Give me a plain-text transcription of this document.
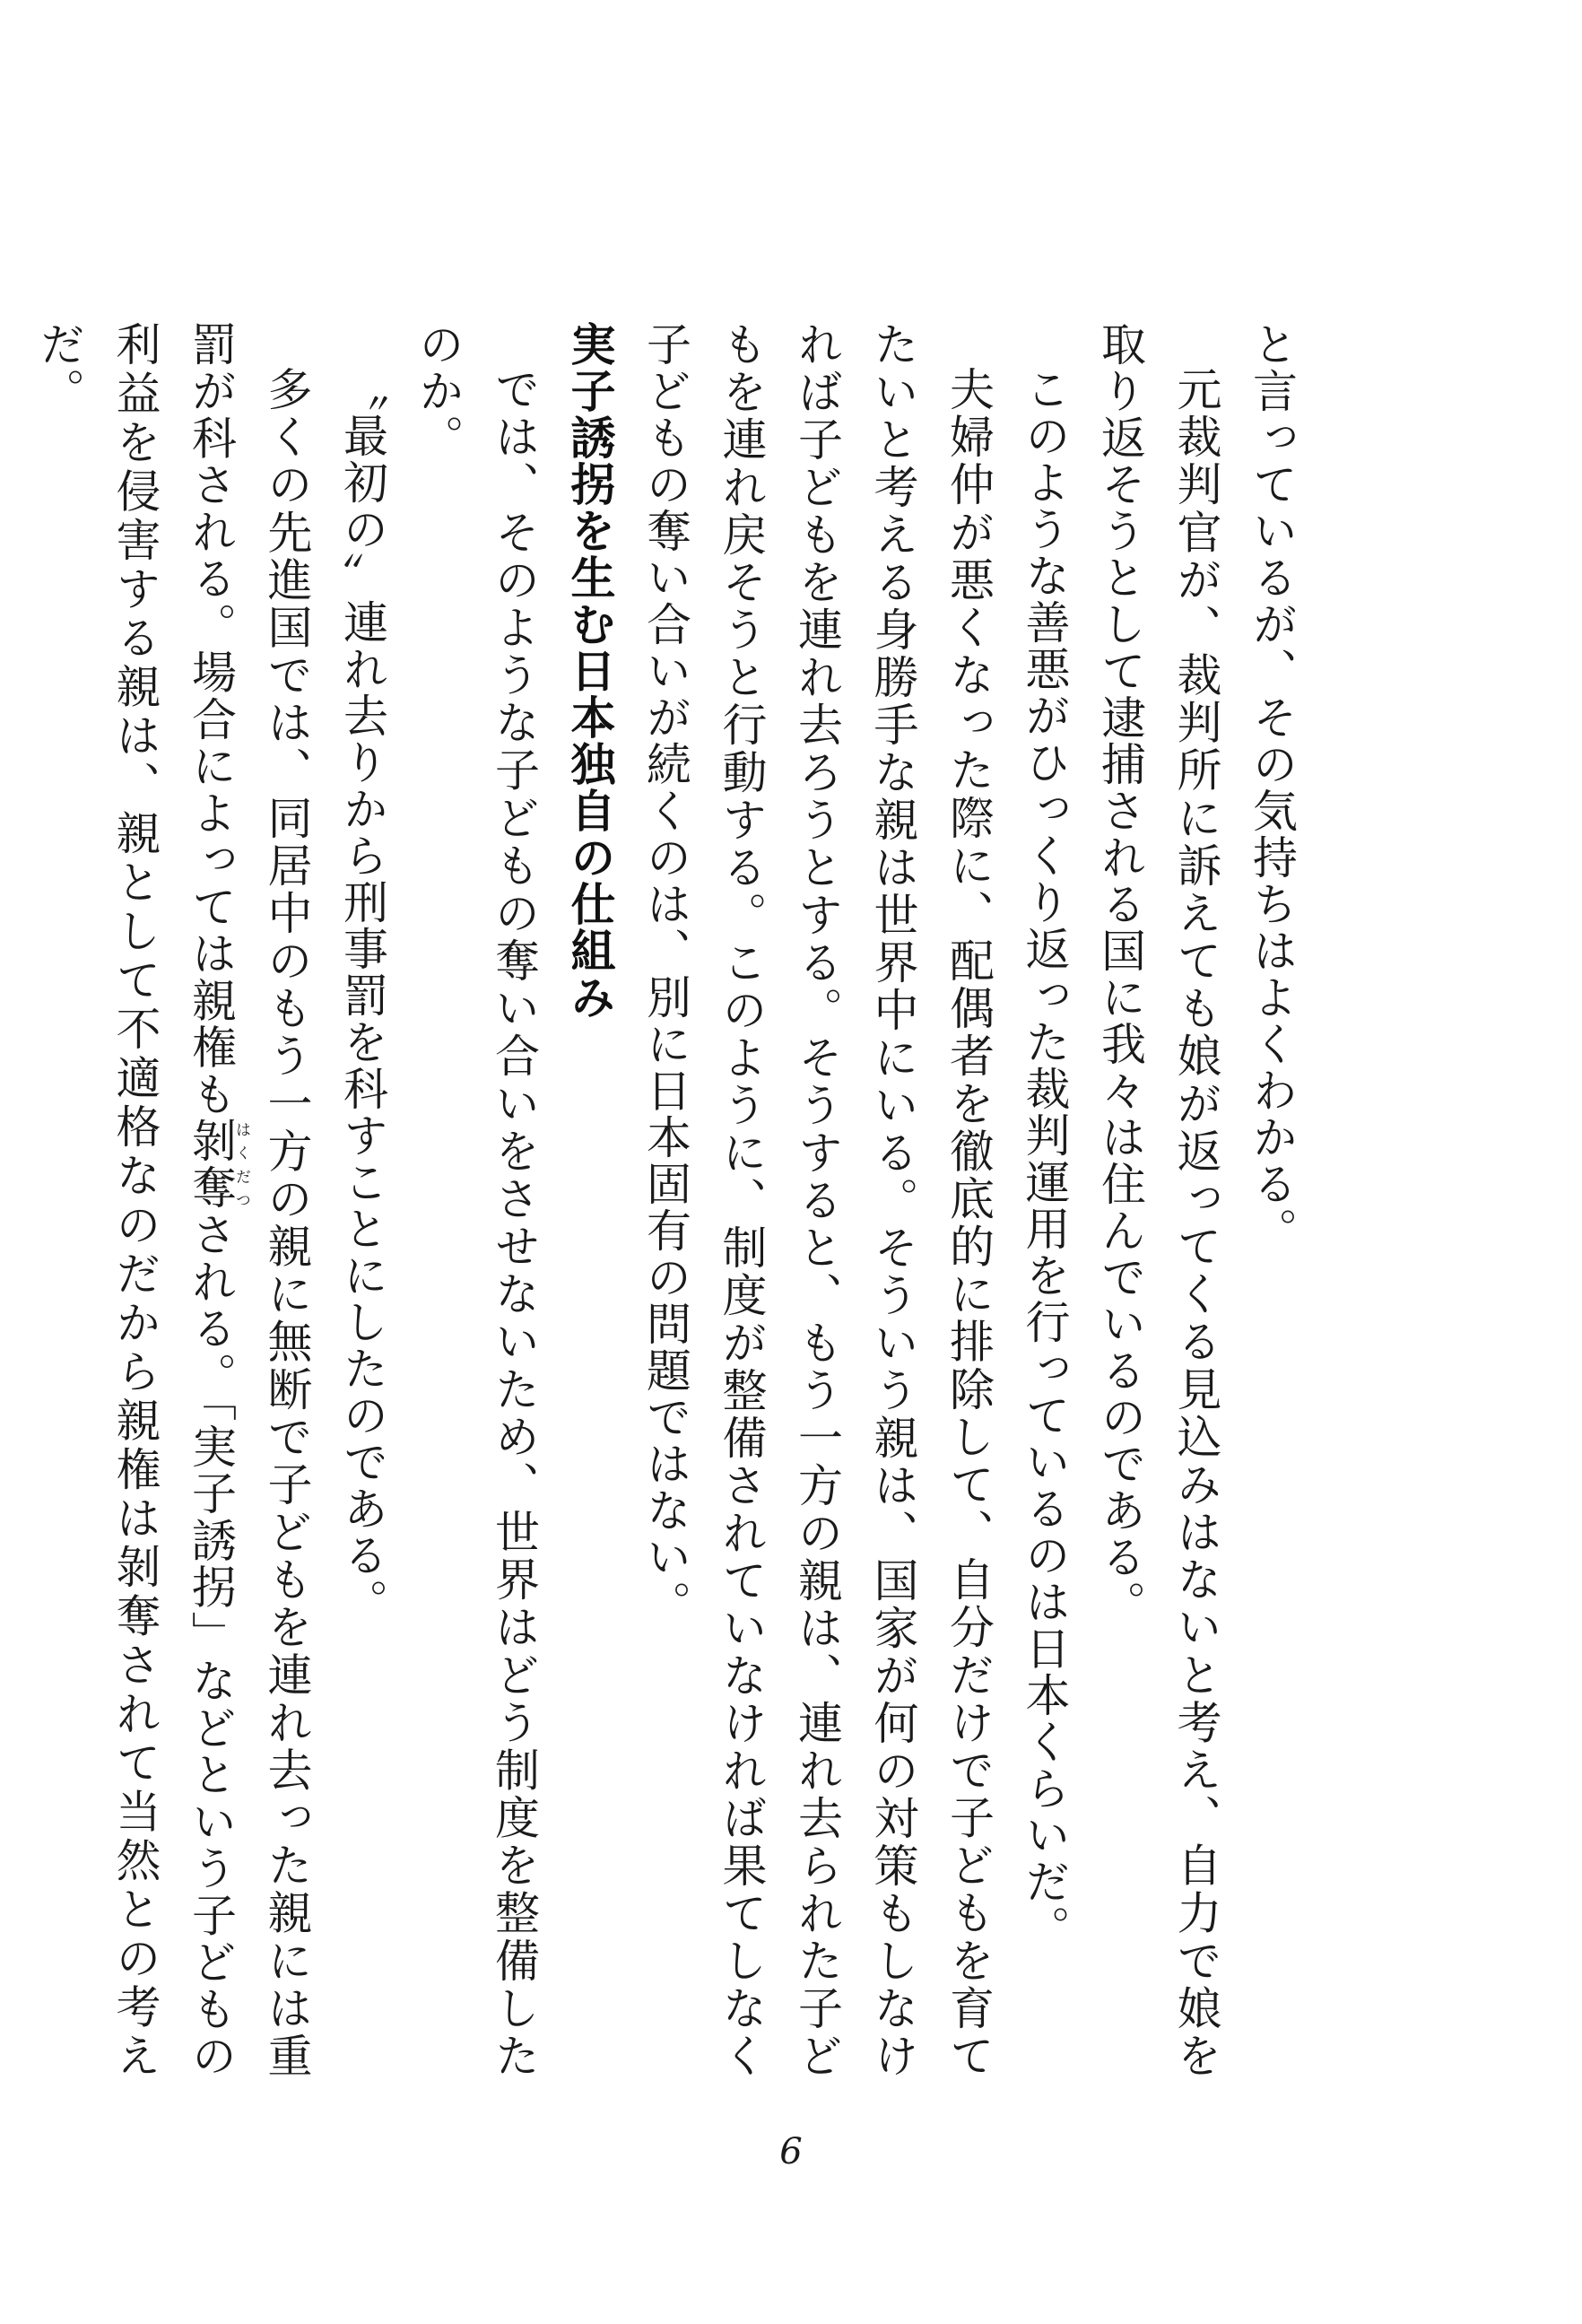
と言っているが、その気持ちはよくわかる。

元裁判官が、裁判所に訴えても娘が返ってくる見込みはないと考え、自力で娘を取り返そうとして逮捕される国に我々は住んでいるのである。

このような善悪がひっくり返った裁判運用を行っているのは日本くらいだ。

夫婦仲が悪くなった際に、配偶者を徹底的に排除して、自分だけで子どもを育てたいと考える身勝手な親は世界中にいる。そういう親は、国家が何の対策もしなければ子どもを連れ去ろうとする。そうすると、もう一方の親は、連れ去られた子どもを連れ戻そうと行動する。このように、制度が整備されていなければ果てしなく子どもの奪い合いが続くのは、別に日本固有の問題ではない。

実子誘拐を生む日本独自の仕組み

では、そのような子どもの奪い合いをさせないため、世界はどう制度を整備したのか。

〝最初の〟連れ去りから刑事罰を科すことにしたのである。

多くの先進国では、同居中のもう一方の親に無断で子どもを連れ去った親には重罰が科される。場合によっては親権も剝奪はくだつされる。「実子誘拐」などという子どもの利益を侵害する親は、親として不適格なのだから親権は剝奪されて当然との考えだ。

6
